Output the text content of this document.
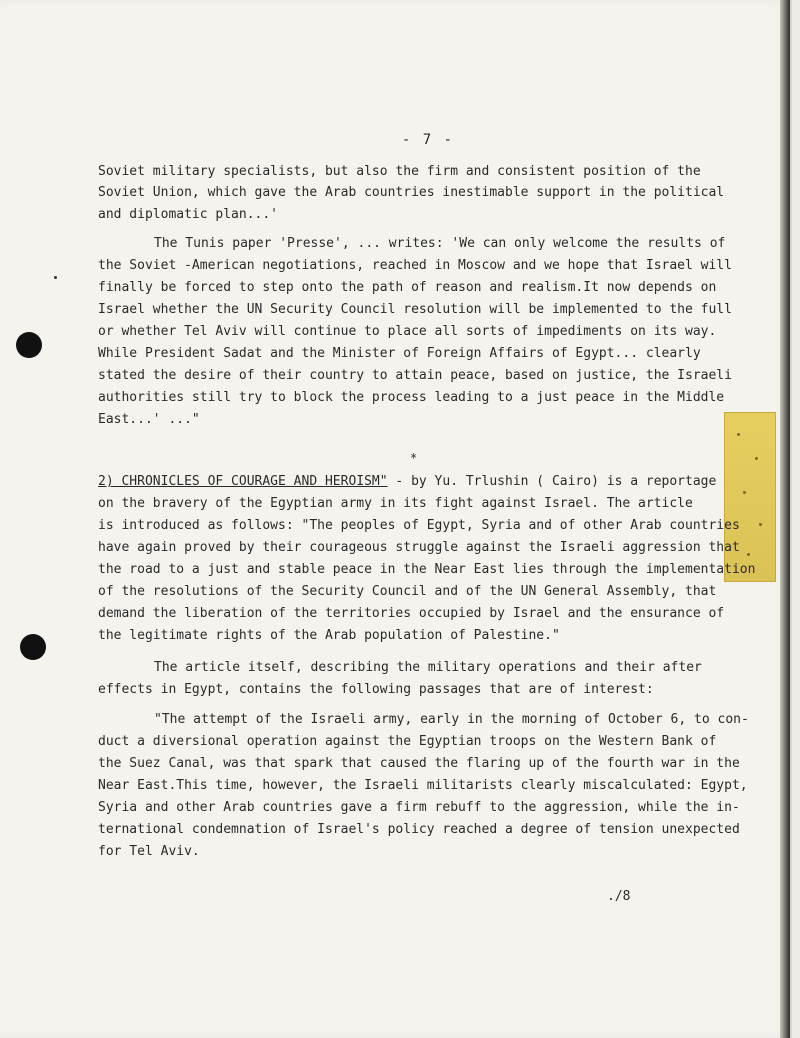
- 7 -
Soviet military specialists, but also the firm and consistent position of the
Soviet Union, which gave the Arab countries inestimable support in the political
and diplomatic plan...'
The Tunis paper 'Presse', ... writes: 'We can only welcome the results of
the Soviet -American negotiations, reached in Moscow and we hope that Israel will
finally be forced to step onto the path of reason and realism.It now depends on
Israel whether the UN Security Council resolution will be implemented to the full
or whether Tel Aviv will continue to place all sorts of impediments on its way.
While President Sadat and the Minister of Foreign Affairs of Egypt... clearly
stated the desire of their country to attain peace, based on justice, the Israeli
authorities still try to block the process leading to a just peace in the Middle
East...' ..."
*
2) CHRONICLES OF COURAGE AND HEROISM" - by Yu. Trlushin ( Cairo) is a reportage
on the bravery of the Egyptian army in its fight against Israel. The article
is introduced as follows: "The peoples of Egypt, Syria and of other Arab countries
have again proved by their courageous struggle against the Israeli aggression that
the road to a just and stable peace in the Near East lies through the implementation
of the resolutions of the Security Council and of the UN General Assembly, that
demand the liberation of the territories occupied by Israel and the ensurance of
the legitimate rights of the Arab population of Palestine."
The article itself, describing the military operations and their after
effects in Egypt, contains the following passages that are of interest:
"The attempt of the Israeli army, early in the morning of October 6, to con-
duct a diversional operation against the Egyptian troops on the Western Bank of
the Suez Canal, was that spark that caused the flaring up of the fourth war in the
Near East.This time, however, the Israeli militarists clearly miscalculated: Egypt,
Syria and other Arab countries gave a firm rebuff to the aggression, while the in-
ternational condemnation of Israel's policy reached a degree of tension unexpected
for Tel Aviv.
./8
